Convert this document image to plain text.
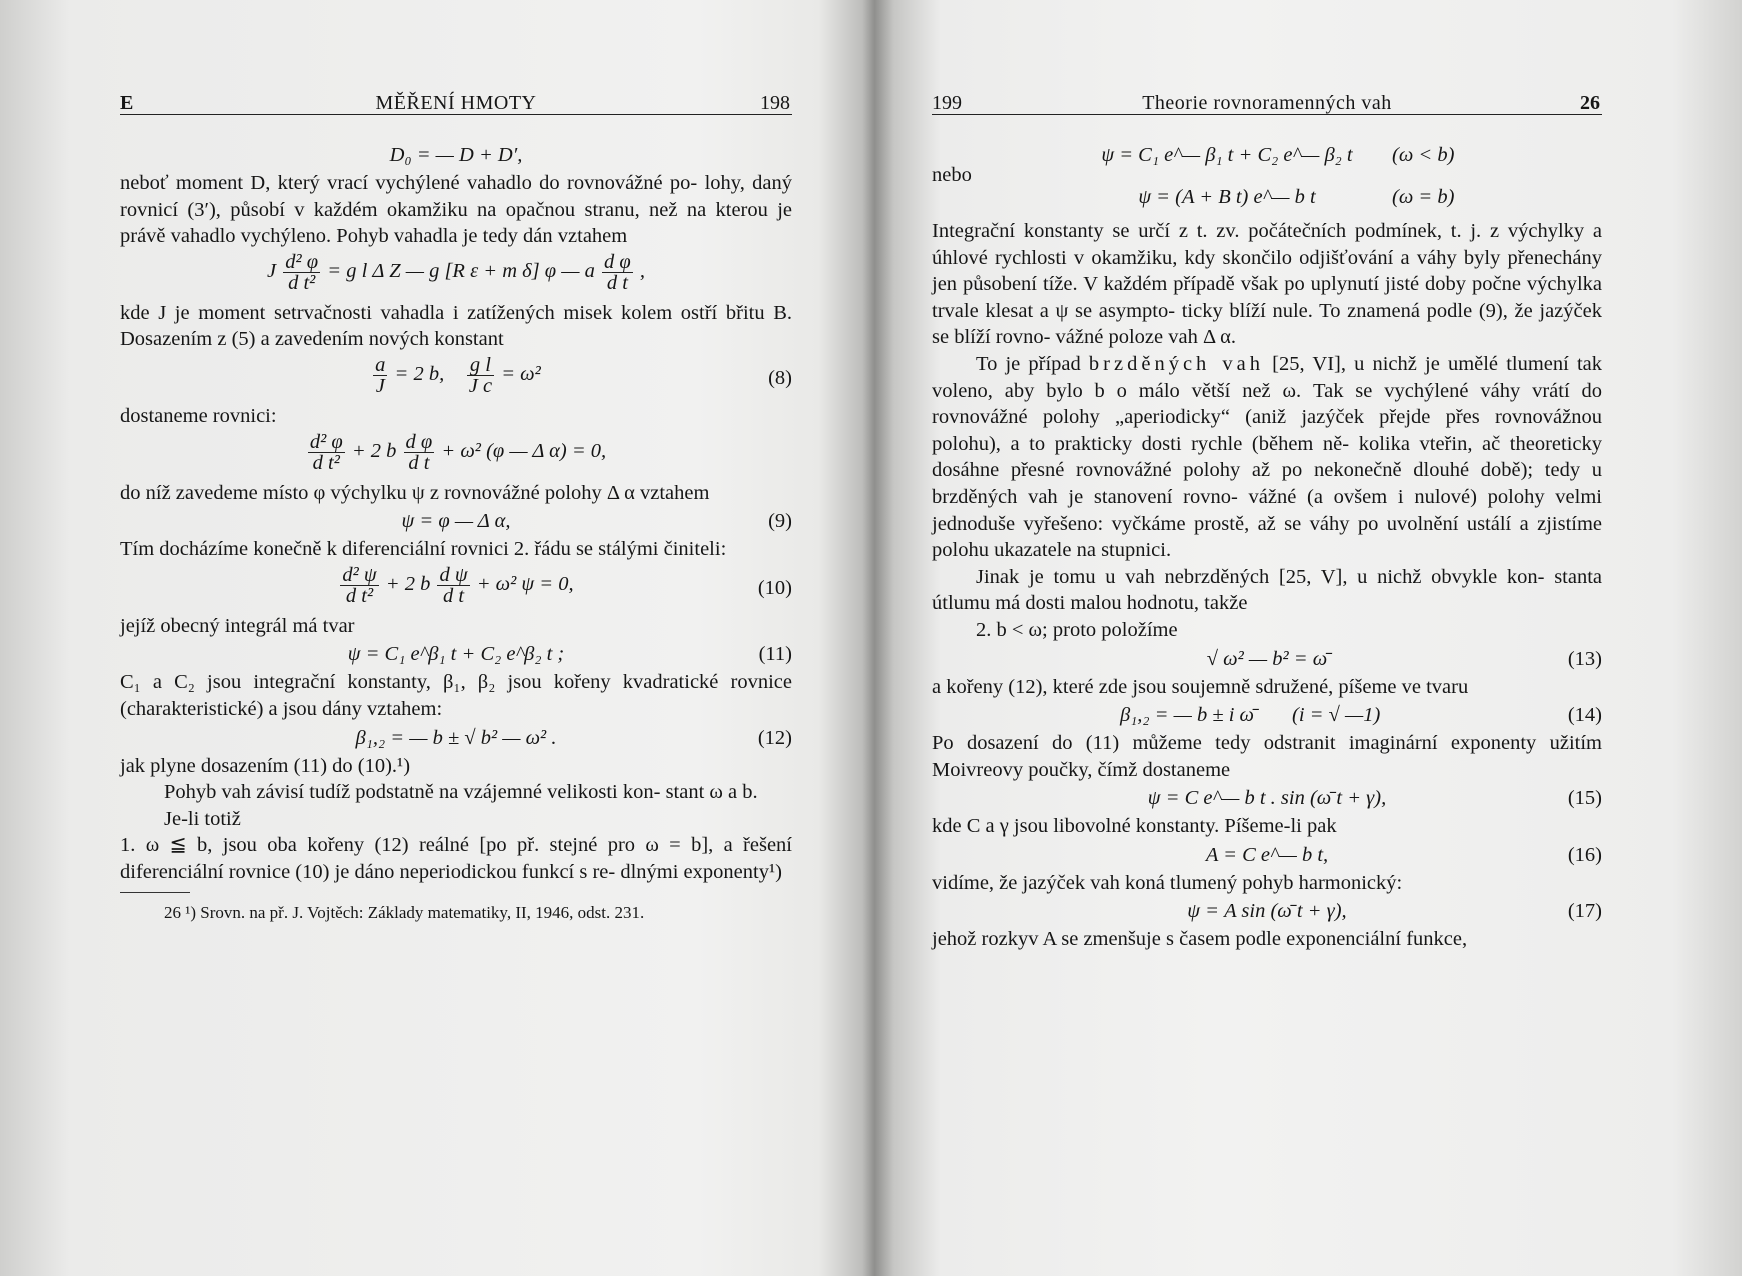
E	MĚŘENÍ HMOTY	198
D₀ = — D + D′,

neboť moment D, který vrací vychýlené vahadlo do rovnovážné po- lohy, daný rovnicí (3′), působí v každém okamžiku na opačnou stranu, než na kterou je právě vahadlo vychýleno. Pohyb vahadla je tedy dán vztahem

J $\frac{\text{d² φ}}{\text{d t²}} = g$ l Δ Z — g [R ε + m δ] φ — a $\frac{\text{d φ}}{\text{d t}}$ ,

kde J je moment setrvačnosti vahadla i zatížených misek kolem ostří břitu B. Dosazením z (5) a zavedením nových konstant

$\frac{a}{J} = 2$ b, $\frac{\text{g l}}{\text{J c}} = \omega^2$	(8)

dostaneme rovnici:

$\frac{\text{d² φ}}{\text{d t²}} + 2$ b $\frac{\text{d φ}}{\text{d t}} + \omega^2$ (φ — Δ α) = 0,

do níž zavedeme místo φ výchylku ψ z rovnovážné polohy Δ α vztahem

ψ = φ — Δ α,	(9)

Tím docházíme konečně k diferenciální rovnici 2. řádu se stálými činiteli:

$\frac{\text{d² ψ}}{\text{d t²}} + 2$ b $\frac{\text{d ψ}}{\text{d t}} + \omega^2$ ψ = 0,	(10)

jejíž obecný integrál má tvar

ψ = C₁ e^β₁ t + C₂ e^β₂ t ;	(11)

C₁ a C₂ jsou integrační konstanty, β₁, β₂ jsou kořeny kvadratické rovnice (charakteristické) a jsou dány vztahem:

β₁,₂ = — b ± √ b² — ω² .	(12)

jak plyne dosazením (11) do (10).¹)

Pohyb vah závisí tudíž podstatně na vzájemné velikosti kon- stant ω a b.

Je-li totiž

1. ω ≦ b, jsou oba kořeny (12) reálné [po př. stejné pro ω = b], a řešení diferenciální rovnice (10) je dáno neperiodickou funkcí s re- dlnými exponenty¹)

26 ¹) Srovn. na př. J. Vojtěch: Základy matematiky, II, 1946, odst. 231.

199	Theorie rovnoramenných vah	26
ψ = C₁ e^— β₁ t + C₂ e^— β₂ t	(ω < b)

nebo

ψ = (A + B t) e^— b t	(ω = b)

Integrační konstanty se určí z t. zv. počátečních podmínek, t. j. z výchylky a úhlové rychlosti v okamžiku, kdy skončilo odjišťování a váhy byly přenechány jen působení tíže. V každém případě však po uplynutí jisté doby počne výchylka trvale klesat a ψ se asympto- ticky blíží nule. To znamená podle (9), že jazýček se blíží rovno- vážné poloze vah Δ α.

To je případ brzděných vah [25, VI], u nichž je umělé tlumení tak voleno, aby bylo b o málo větší než ω. Tak se vychýlené váhy vrátí do rovnovážné polohy „aperiodicky“ (aniž jazýček přejde přes rovnovážnou polohu), a to prakticky dosti rychle (během ně- kolika vteřin, ač theoreticky dosáhne přesné rovnovážné polohy až po nekonečně dlouhé době); tedy u brzděných vah je stanovení rovno- vážné (a ovšem i nulové) polohy velmi jednoduše vyřešeno: vyčkáme prostě, až se váhy po uvolnění ustálí a zjistíme polohu ukazatele na stupnici.

Jinak je tomu u vah nebrzděných [25, V], u nichž obvykle kon- stanta útlumu má dosti malou hodnotu, takže

2. b < ω; proto položíme

√ ω² — b² = ω̄	(13)

a kořeny (12), které zde jsou soujemně sdružené, píšeme ve tvaru

β₁,₂ = — b ± i ω̄	(i = √ —1)	(14)

Po dosazení do (11) můžeme tedy odstranit imaginární exponenty užitím Moivreovy poučky, čímž dostaneme

ψ = C e^— b t . sin (ω̄ t + γ),	(15)

kde C a γ jsou libovolné konstanty. Píšeme-li pak

A = C e^— b t,	(16)

vidíme, že jazýček vah koná tlumený pohyb harmonický:

ψ = A sin (ω̄ t + γ),	(17)

jehož rozkyv A se zmenšuje s časem podle exponenciální funkce,
